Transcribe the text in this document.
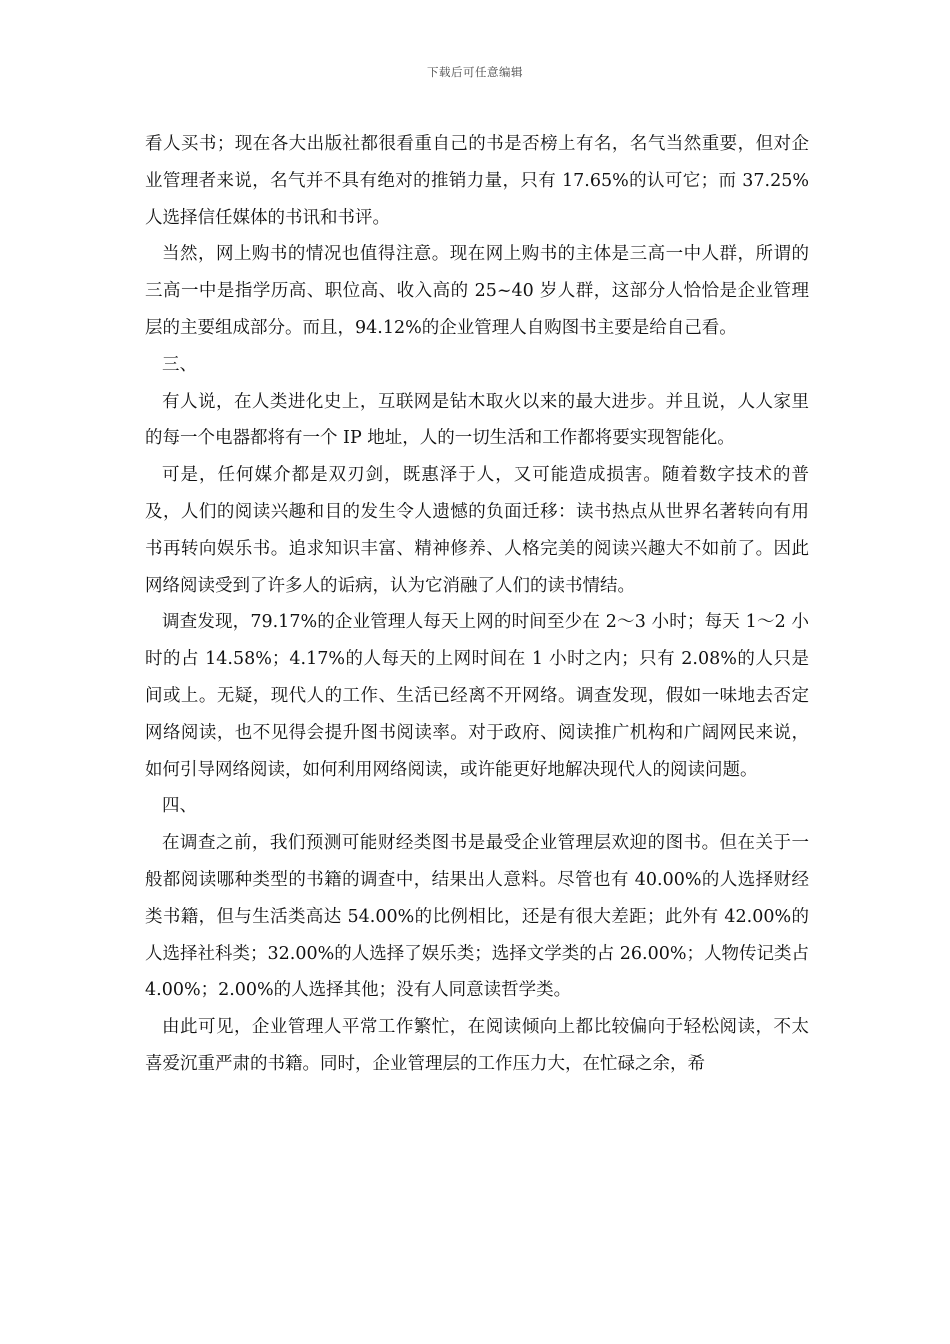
下载后可任意编辑

看人买书；现在各大出版社都很看重自己的书是否榜上有名，名气当然重要，但对企业管理者来说，名气并不具有绝对的推销力量，只有 17.65%的认可它；而 37.25%人选择信任媒体的书讯和书评。

当然，网上购书的情况也值得注意。现在网上购书的主体是三高一中人群，所谓的三高一中是指学历高、职位高、收入高的 25~40 岁人群，这部分人恰恰是企业管理层的主要组成部分。而且，94.12%的企业管理人自购图书主要是给自己看。

三、

有人说，在人类进化史上，互联网是钻木取火以来的最大进步。并且说，人人家里的每一个电器都将有一个 IP 地址，人的一切生活和工作都将要实现智能化。

可是，任何媒介都是双刃剑，既惠泽于人，又可能造成损害。随着数字技术的普及，人们的阅读兴趣和目的发生令人遗憾的负面迁移：读书热点从世界名著转向有用书再转向娱乐书。追求知识丰富、精神修养、人格完美的阅读兴趣大不如前了。因此网络阅读受到了许多人的诟病，认为它消融了人们的读书情结。

调查发现，79.17%的企业管理人每天上网的时间至少在 2～3 小时；每天 1～2 小时的占 14.58%；4.17%的人每天的上网时间在 1 小时之内；只有 2.08%的人只是间或上。无疑，现代人的工作、生活已经离不开网络。调查发现，假如一味地去否定网络阅读，也不见得会提升图书阅读率。对于政府、阅读推广机构和广阔网民来说，如何引导网络阅读，如何利用网络阅读，或许能更好地解决现代人的阅读问题。

四、

在调查之前，我们预测可能财经类图书是最受企业管理层欢迎的图书。但在关于一般都阅读哪种类型的书籍的调查中，结果出人意料。尽管也有 40.00%的人选择财经类书籍，但与生活类高达 54.00%的比例相比，还是有很大差距；此外有 42.00%的人选择社科类；32.00%的人选择了娱乐类；选择文学类的占 26.00%；人物传记类占 4.00%；2.00%的人选择其他；没有人同意读哲学类。

由此可见，企业管理人平常工作繁忙，在阅读倾向上都比较偏向于轻松阅读，不太喜爱沉重严肃的书籍。同时，企业管理层的工作压力大，在忙碌之余，希
